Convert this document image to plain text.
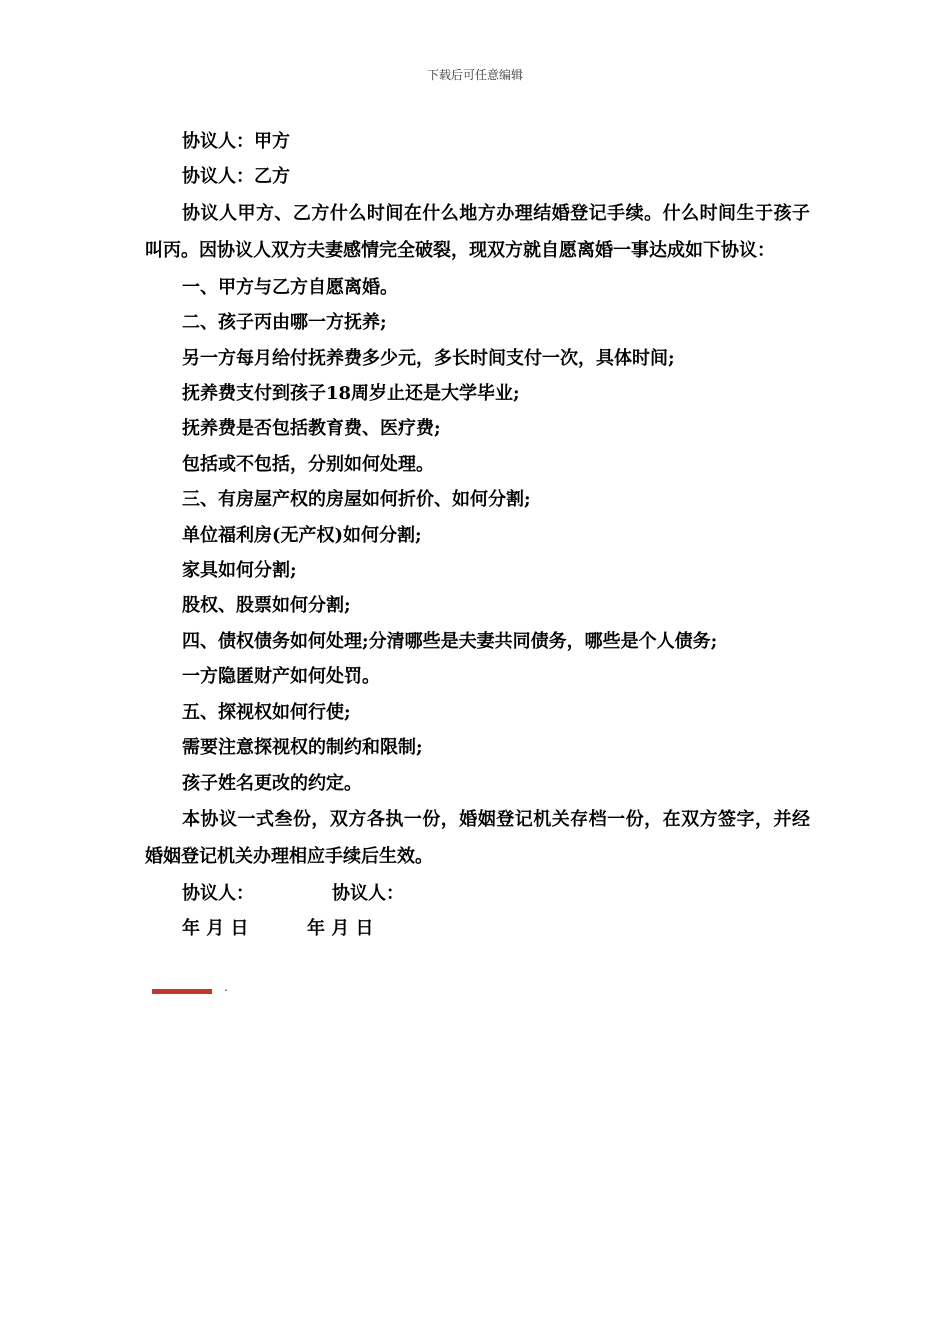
下载后可任意编辑

协议人：甲方

协议人：乙方

协议人甲方、乙方什么时间在什么地方办理结婚登记手续。什么时间生于孩子叫丙。因协议人双方夫妻感情完全破裂，现双方就自愿离婚一事达成如下协议：

一、甲方与乙方自愿离婚。

二、孩子丙由哪一方抚养;

另一方每月给付抚养费多少元，多长时间支付一次，具体时间;

抚养费支付到孩子18周岁止还是大学毕业;

抚养费是否包括教育费、医疗费;

包括或不包括，分别如何处理。

三、有房屋产权的房屋如何折价、如何分割;

单位福利房(无产权)如何分割;

家具如何分割;

股权、股票如何分割;

四、债权债务如何处理;分清哪些是夫妻共同债务，哪些是个人债务;

一方隐匿财产如何处罚。

五、探视权如何行使;

需要注意探视权的制约和限制;

孩子姓名更改的约定。

本协议一式叁份，双方各执一份，婚姻登记机关存档一份，在双方签字，并经婚姻登记机关办理相应手续后生效。

协议人：	协议人：

年 月 日	年 月 日

.
